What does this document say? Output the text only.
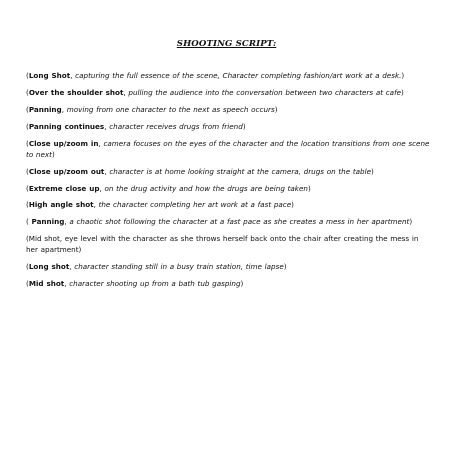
SHOOTING SCRIPT:

(Long Shot, capturing the full essence of the scene, Character completing fashion/art work at a desk.)

(Over the shoulder shot, pulling the audience into the conversation between two characters at cafe)

(Panning, moving from one character to the next as speech occurs)

(Panning continues, character receives drugs from friend)

(Close up/zoom in, camera focuses on the eyes of the character and the location transitions from one scene to next)

(Close up/zoom out, character is at home looking straight at the camera, drugs on the table)

(Extreme close up, on the drug activity and how the drugs are being taken)

(High angle shot, the character completing her art work at a fast pace)

( Panning, a chaotic shot following the character at a fast pace as she creates a mess in her apartment)

(Mid shot, eye level with the character as she throws herself back onto the chair after creating the mess in her apartment)

(Long shot, character standing still in a busy train station, time lapse)

(Mid shot, character shooting up from a bath tub gasping)
